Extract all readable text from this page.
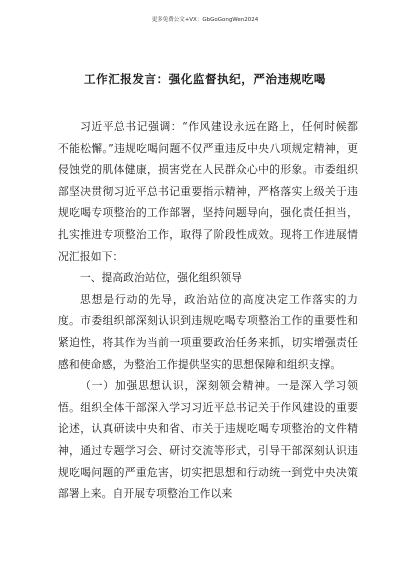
更多免费公文+VX：GbGoGongWen2024
工作汇报发言：强化监督执纪，严治违规吃喝

习近平总书记强调：“作风建设永远在路上，任何时候都不能松懈。”违规吃喝问题不仅严重违反中央八项规定精神，更侵蚀党的肌体健康，损害党在人民群众心中的形象。市委组织部坚决贯彻习近平总书记重要指示精神，严格落实上级关于违规吃喝专项整治的工作部署，坚持问题导向，强化责任担当，扎实推进专项整治工作，取得了阶段性成效。现将工作进展情况汇报如下：

一、提高政治站位，强化组织领导

思想是行动的先导，政治站位的高度决定工作落实的力度。市委组织部深刻认识到违规吃喝专项整治工作的重要性和紧迫性，将其作为当前一项重要政治任务来抓，切实增强责任感和使命感，为整治工作提供坚实的思想保障和组织支撑。

（一）加强思想认识，深刻领会精神。一是深入学习领悟。组织全体干部深入学习习近平总书记关于作风建设的重要论述，认真研读中央和省、市关于违规吃喝专项整治的文件精神，通过专题学习会、研讨交流等形式，引导干部深刻认识违规吃喝问题的严重危害，切实把思想和行动统一到党中央决策部署上来。自开展专项整治工作以来
